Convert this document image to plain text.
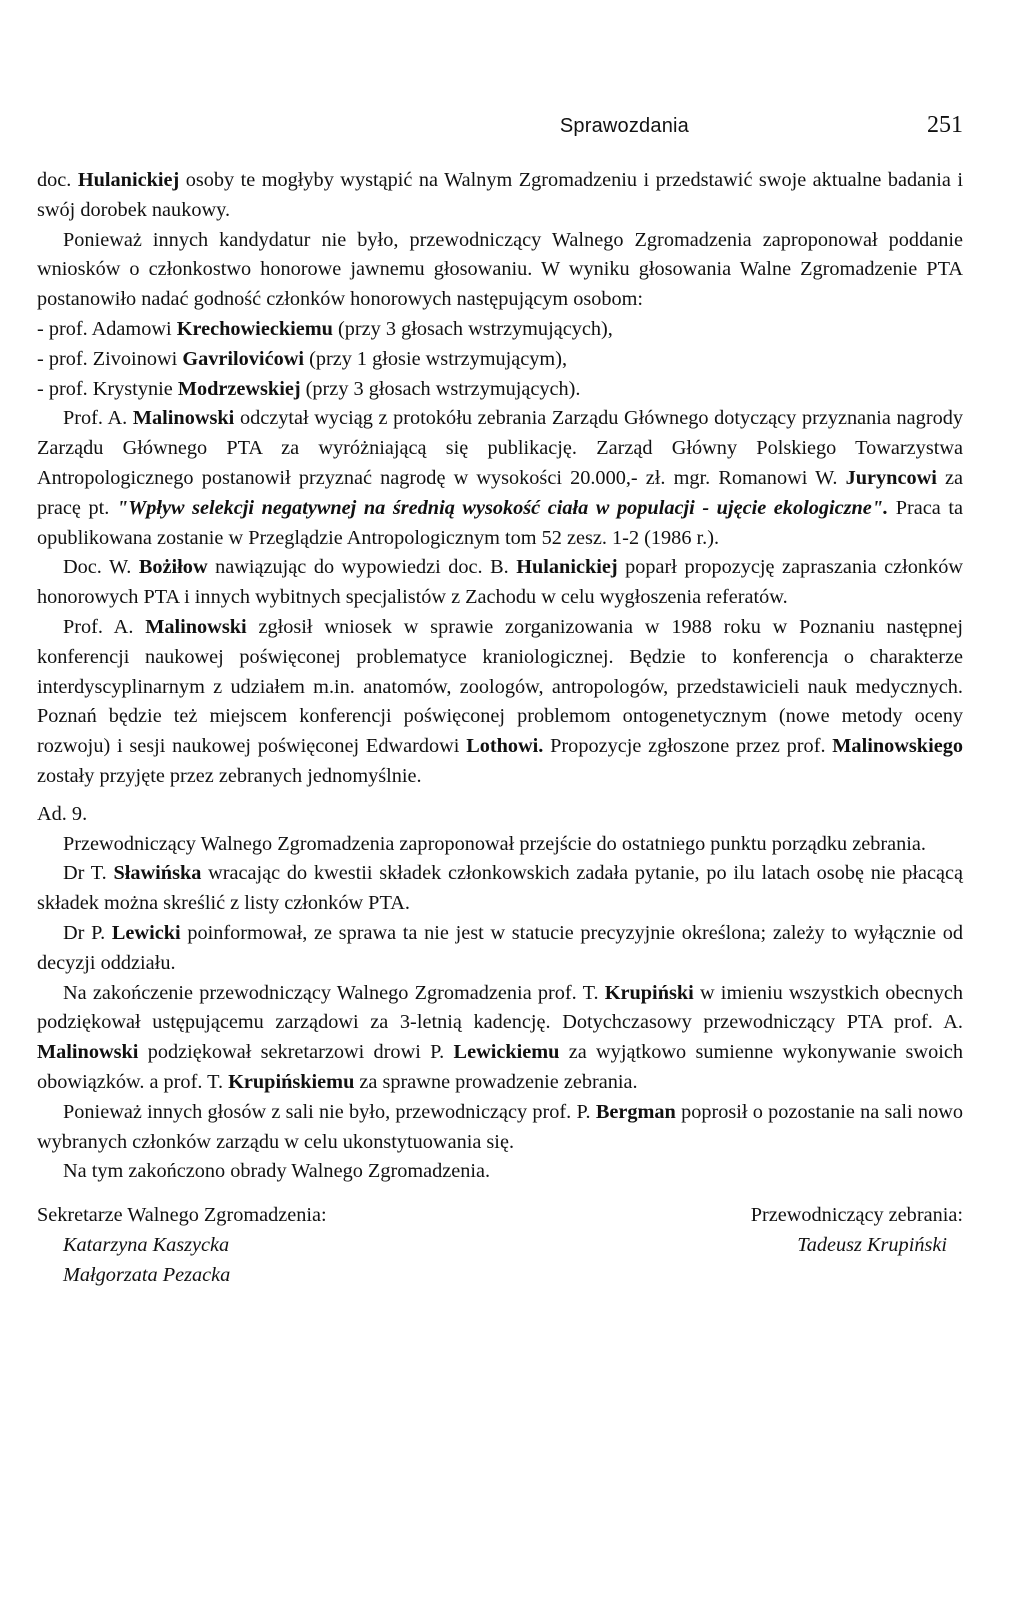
Sprawozdania	251

doc. Hulanickiej osoby te mogłyby wystąpić na Walnym Zgromadzeniu i przedstawić swoje aktualne badania i swój dorobek naukowy.

Ponieważ innych kandydatur nie było, przewodniczący Walnego Zgromadzenia zaproponował poddanie wniosków o członkostwo honorowe jawnemu głosowaniu. W wyniku głosowania Walne Zgromadzenie PTA postanowiło nadać godność członków honorowych następującym osobom:

- prof. Adamowi Krechowieckiemu (przy 3 głosach wstrzymujących),

- prof. Zivoinowi Gavrilovićowi (przy 1 głosie wstrzymującym),

- prof. Krystynie Modrzewskiej (przy 3 głosach wstrzymujących).

Prof. A. Malinowski odczytał wyciąg z protokółu zebrania Zarządu Głównego dotyczący przyznania nagrody Zarządu Głównego PTA za wyróżniającą się publikację. Zarząd Główny Polskiego Towarzystwa Antropologicznego postanowił przyznać nagrodę w wysokości 20.000,- zł. mgr. Romanowi W. Juryncowi za pracę pt. "Wpływ selekcji negatywnej na średnią wysokość ciała w populacji - ujęcie ekologiczne". Praca ta opublikowana zostanie w Przeglądzie Antropologicznym tom 52 zesz. 1-2 (1986 r.).

Doc. W. Bożiłow nawiązując do wypowiedzi doc. B. Hulanickiej poparł propozycję zapraszania członków honorowych PTA i innych wybitnych specjalistów z Zachodu w celu wygłoszenia referatów.

Prof. A. Malinowski zgłosił wniosek w sprawie zorganizowania w 1988 roku w Poznaniu następnej konferencji naukowej poświęconej problematyce kraniologicznej. Będzie to konferencja o charakterze interdyscyplinarnym z udziałem m.in. anatomów, zoologów, antropologów, przedstawicieli nauk medycznych. Poznań będzie też miejscem konferencji poświęconej problemom ontogenetycznym (nowe metody oceny rozwoju) i sesji naukowej poświęconej Edwardowi Lothowi. Propozycje zgłoszone przez prof. Malinowskiego zostały przyjęte przez zebranych jednomyślnie.

Ad. 9.

Przewodniczący Walnego Zgromadzenia zaproponował przejście do ostatniego punktu porządku zebrania.

Dr T. Sławińska wracając do kwestii składek członkowskich zadała pytanie, po ilu latach osobę nie płacącą składek można skreślić z listy członków PTA.

Dr P. Lewicki poinformował, ze sprawa ta nie jest w statucie precyzyjnie określona; zależy to wyłącznie od decyzji oddziału.

Na zakończenie przewodniczący Walnego Zgromadzenia prof. T. Krupiński w imieniu wszystkich obecnych podziękował ustępującemu zarządowi za 3-letnią kadencję. Dotychczasowy przewodniczący PTA prof. A. Malinowski podziękował sekretarzowi drowi P. Lewickiemu za wyjątkowo sumienne wykonywanie swoich obowiązków. a prof. T. Krupińskiemu za sprawne prowadzenie zebrania.

Ponieważ innych głosów z sali nie było, przewodniczący prof. P. Bergman poprosił o pozostanie na sali nowo wybranych członków zarządu w celu ukonstytuowania się.

Na tym zakończono obrady Walnego Zgromadzenia.

Sekretarze Walnego Zgromadzenia:
Katarzyna Kaszycka
Małgorzata Pezacka
Przewodniczący zebrania:
Tadeusz Krupiński
